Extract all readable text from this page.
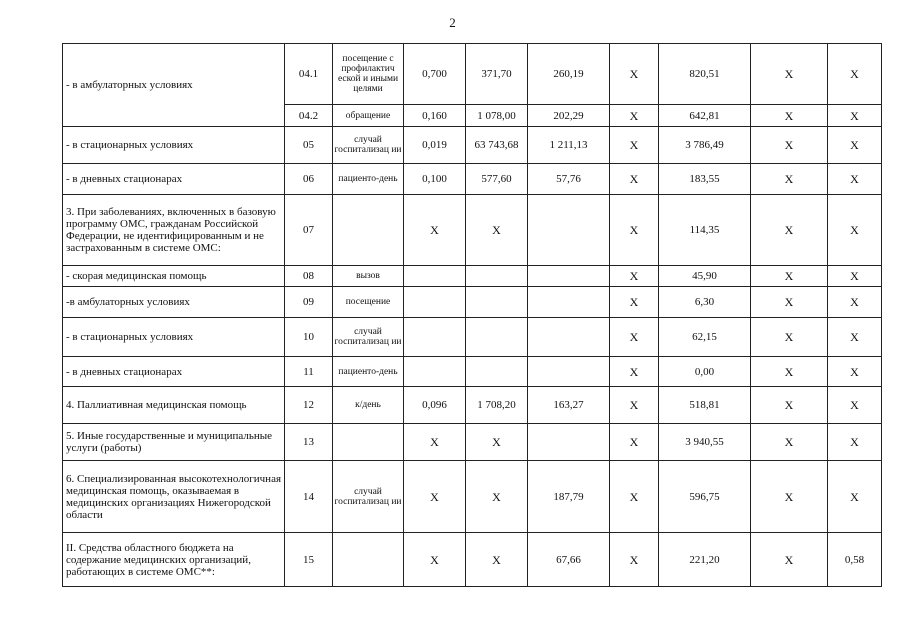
2
- в амбулаторных условиях	04.1	посещение с профилактич еской и иными целями	0,700	371,70	260,19	X	820,51	X	X
	04.2	обращение	0,160	1 078,00	202,29	X	642,81	X	X
- в стационарных условиях	05	случай госпитализац ии	0,019	63 743,68	1 211,13	X	3 786,49	X	X
- в дневных стационарах	06	пациенто-день	0,100	577,60	57,76	X	183,55	X	X
3. При заболеваниях, включенных в базовую программу ОМС, гражданам Российской Федерации, не идентифицированным и не застрахованным в системе ОМС:	07		X	X		X	114,35	X	X
- скорая медицинская помощь	08	вызов				X	45,90	X	X
-в амбулаторных условиях	09	посещение				X	6,30	X	X
- в стационарных условиях	10	случай госпитализац ии				X	62,15	X	X
- в дневных стационарах	11	пациенто-день				X	0,00	X	X
4. Паллиативная медицинская помощь	12	к/день	0,096	1 708,20	163,27	X	518,81	X	X
5. Иные государственные и муниципальные услуги (работы)	13		X	X		X	3 940,55	X	X
6. Специализированная высокотехнологичная медицинская помощь, оказываемая в медицинских организациях Нижегородской области	14	случай госпитализац ии	X	X	187,79	X	596,75	X	X
II. Средства областного бюджета на содержание медицинских организаций, работающих в системе ОМС**:	15		X	X	67,66	X	221,20	X	0,58
